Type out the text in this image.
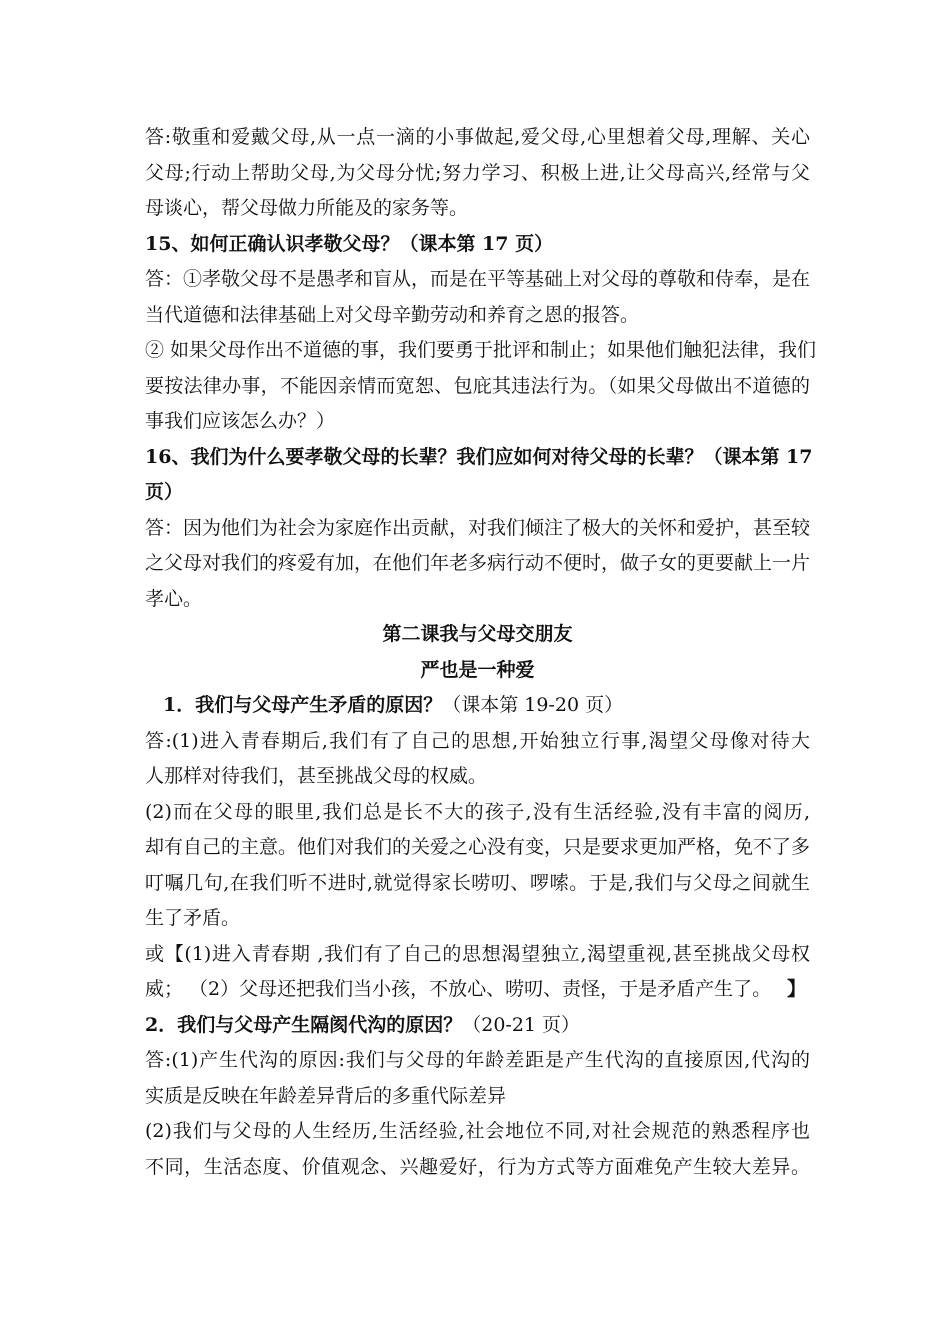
答:敬重和爱戴父母,从一点一滴的小事做起,爱父母,心里想着父母,理解、关心
父母;行动上帮助父母,为父母分忧;努力学习、积极上进,让父母高兴,经常与父
母谈心，帮父母做力所能及的家务等。
15、如何正确认识孝敬父母？（课本第 17 页）
答：①孝敬父母不是愚孝和盲从，而是在平等基础上对父母的尊敬和侍奉，是在
当代道德和法律基础上对父母辛勤劳动和养育之恩的报答。
② 如果父母作出不道德的事，我们要勇于批评和制止；如果他们触犯法律，我们
要按法律办事，不能因亲情而宽恕、包庇其违法行为。（如果父母做出不道德的
事我们应该怎么办？）
16、我们为什么要孝敬父母的长辈？我们应如何对待父母的长辈？（课本第 17
页）
答：因为他们为社会为家庭作出贡献，对我们倾注了极大的关怀和爱护，甚至较
之父母对我们的疼爱有加，在他们年老多病行动不便时，做子女的更要献上一片
孝心。
第二课我与父母交朋友
严也是一种爱
1．我们与父母产生矛盾的原因？（课本第 19-20 页）
答:(1)进入青春期后,我们有了自己的思想,开始独立行事,渴望父母像对待大
人那样对待我们，甚至挑战父母的权威。
(2)而在父母的眼里,我们总是长不大的孩子,没有生活经验,没有丰富的阅历,
却有自己的主意。他们对我们的关爱之心没有变，只是要求更加严格，免不了多
叮嘱几句,在我们听不进时,就觉得家长唠叨、啰嗦。于是,我们与父母之间就生
生了矛盾。
或【(1)进入青春期 ,我们有了自己的思想渴望独立,渴望重视,甚至挑战父母权
威； （2）父母还把我们当小孩，不放心、唠叨、责怪，于是矛盾产生了。 】
2．我们与父母产生隔阂代沟的原因？（20-21 页）
答:(1)产生代沟的原因:我们与父母的年龄差距是产生代沟的直接原因,代沟的
实质是反映在年龄差异背后的多重代际差异
(2)我们与父母的人生经历,生活经验,社会地位不同,对社会规范的熟悉程序也
不同，生活态度、价值观念、兴趣爱好，行为方式等方面难免产生较大差异。
